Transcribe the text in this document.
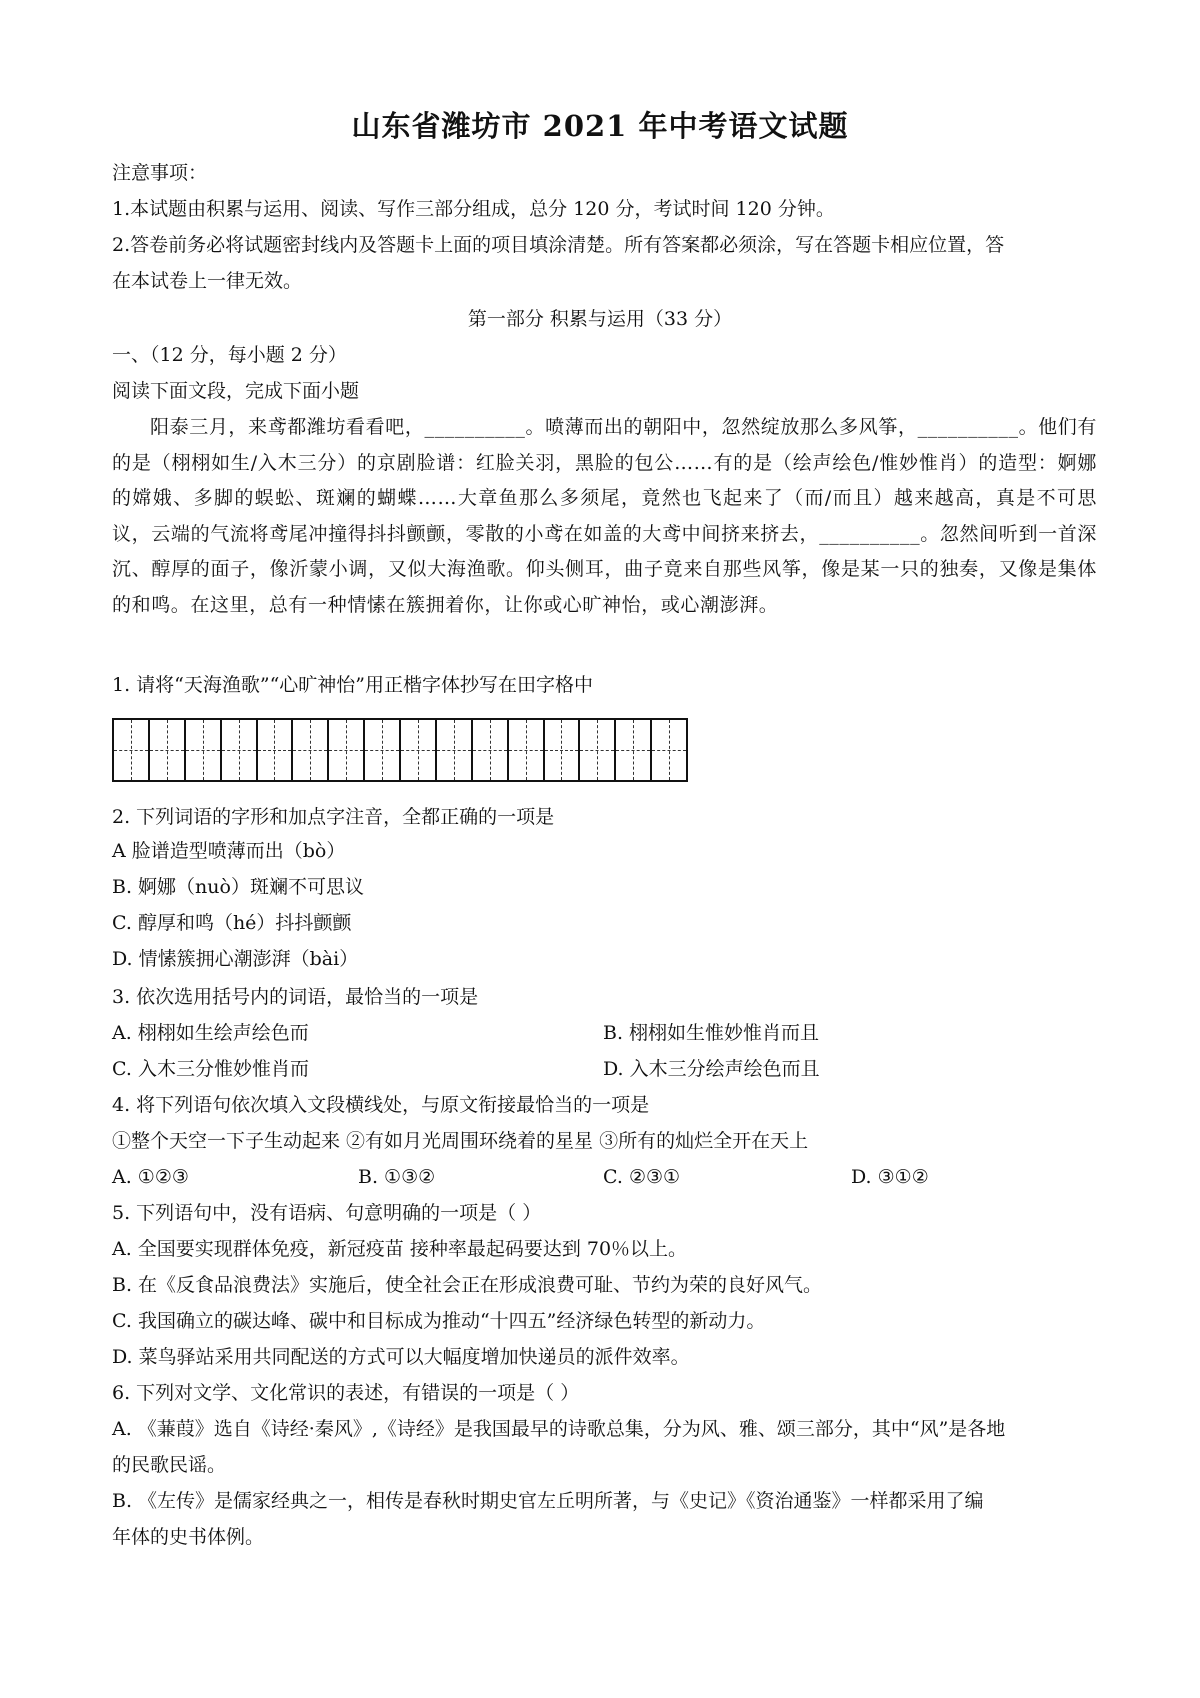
山东省潍坊市 2021 年中考语文试题
注意事项：
1.本试题由积累与运用、阅读、写作三部分组成，总分 120 分，考试时间 120 分钟。
2.答卷前务必将试题密封线内及答题卡上面的项目填涂清楚。所有答案都必须涂，写在答题卡相应位置，答
在本试卷上一律无效。
第一部分 积累与运用（33 分）
一、（12 分，每小题 2 分）
阅读下面文段，完成下面小题
阳泰三月，来鸢都潍坊看看吧，__________。喷薄而出的朝阳中，忽然绽放那么多风筝，__________。他们有的是（栩栩如生/入木三分）的京剧脸谱：红脸关羽，黑脸的包公……有的是（绘声绘色/惟妙惟肖）的造型：婀娜的嫦娥、多脚的蜈蚣、斑斓的蝴蝶……大章鱼那么多须尾，竟然也飞起来了（而/而且）越来越高，真是不可思议，云端的气流将鸢尾冲撞得抖抖颤颤，零散的小鸢在如盖的大鸢中间挤来挤去，__________。忽然间听到一首深沉、醇厚的面子，像沂蒙小调，又似大海渔歌。仰头侧耳，曲子竟来自那些风筝，像是某一只的独奏，又像是集体的和鸣。在这里，总有一种情愫在簇拥着你，让你或心旷神怡，或心潮澎湃。
1. 请将“天海渔歌”“心旷神怡”用正楷字体抄写在田字格中
2. 下列词语的字形和加点字注音，全都正确的一项是
A 脸谱造型喷薄而出（bò）
B. 婀娜（nuò）斑斓不可思议
C. 醇厚和鸣（hé）抖抖颤颤
D. 情愫簇拥心潮澎湃（bài）
3. 依次选用括号内的词语，最恰当的一项是
A. 栩栩如生绘声绘色而	B. 栩栩如生惟妙惟肖而且
C. 入木三分惟妙惟肖而	D. 入木三分绘声绘色而且
4. 将下列语句依次填入文段横线处，与原文衔接最恰当的一项是
①整个天空一下子生动起来 ②有如月光周围环绕着的星星 ③所有的灿烂全开在天上
A. ①②③	B. ①③②	C. ②③①	D. ③①②
5. 下列语句中，没有语病、句意明确的一项是（ ）
A. 全国要实现群体免疫，新冠疫苗 接种率最起码要达到 70％以上。
B. 在《反食品浪费法》实施后，使全社会正在形成浪费可耻、节约为荣的良好风气。
C. 我国确立的碳达峰、碳中和目标成为推动“十四五”经济绿色转型的新动力。
D. 菜鸟驿站采用共同配送的方式可以大幅度增加快递员的派件效率。
6. 下列对文学、文化常识的表述，有错误的一项是（ ）
A. 《蒹葭》选自《诗经·秦风》,《诗经》是我国最早的诗歌总集，分为风、雅、颂三部分，其中“风”是各地
的民歌民谣。
B. 《左传》是儒家经典之一，相传是春秋时期史官左丘明所著，与《史记》《资治通鉴》一样都采用了编
年体的史书体例。
